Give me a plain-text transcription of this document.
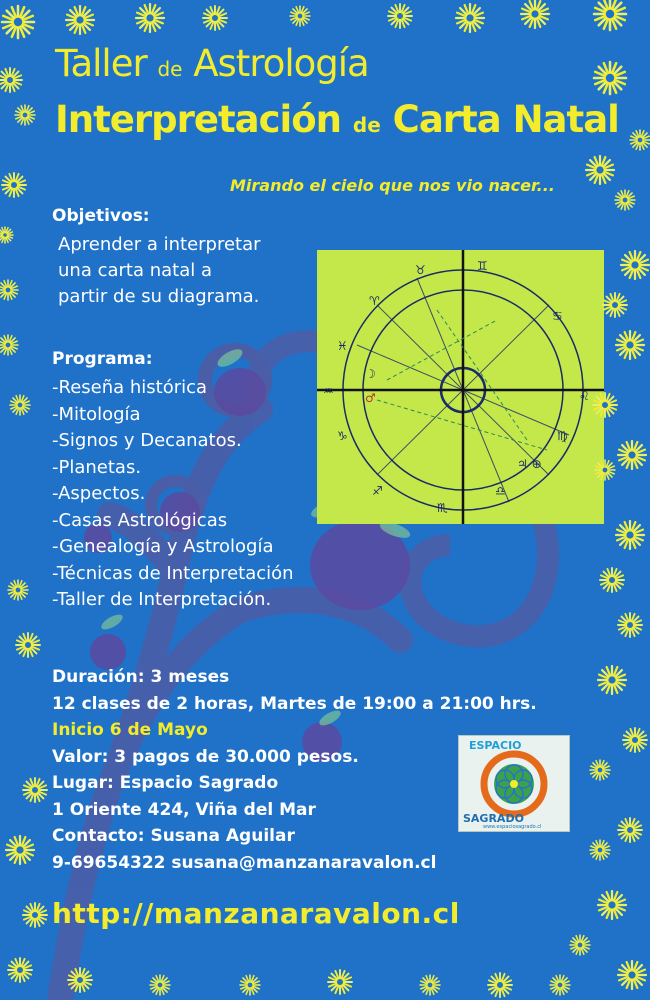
♊
♉
♈
♓
♒
♑
♐
♏
♎
♍
♌
♋
☽
♂
♃ ⊕
Taller de Astrología
Interpretación de Carta Natal
Mirando el cielo que nos vio nacer...
Objetivos:
Aprender a interpretar
una carta natal a
partir de su diagrama.
Programa:
-Reseña histórica
-Mitología
-Signos y Decanatos.
-Planetas.
-Aspectos.
-Casas Astrológicas
-Genealogía y Astrología
-Técnicas de Interpretación
-Taller de Interpretación.
Duración: 3 meses
12 clases de 2 horas, Martes de 19:00 a 21:00 hrs.
Inicio 6 de Mayo
Valor: 3 pagos de 30.000 pesos.
Lugar: Espacio Sagrado
1 Oriente 424, Viña del Mar
Contacto: Susana Aguilar
9-69654322 susana@manzanaravalon.cl
ESPACIO
SAGRADO
www.espaciosagrado.cl
http://manzanaravalon.cl
